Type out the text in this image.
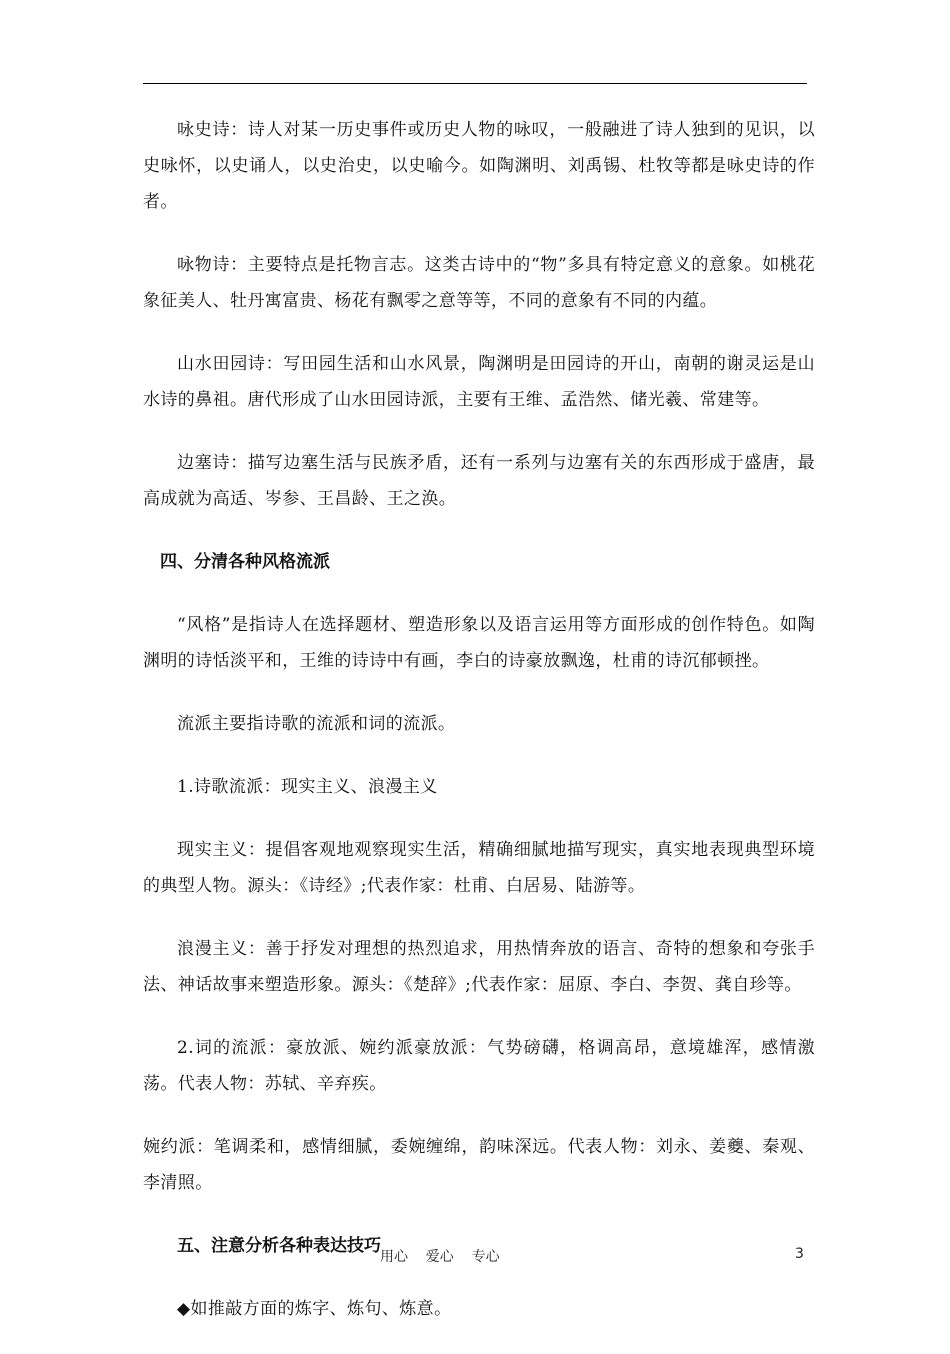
咏史诗：诗人对某一历史事件或历史人物的咏叹，一般融进了诗人独到的见识，以史咏怀，以史诵人，以史治史，以史喻今。如陶渊明、刘禹锡、杜牧等都是咏史诗的作者。

咏物诗：主要特点是托物言志。这类古诗中的“物”多具有特定意义的意象。如桃花象征美人、牡丹寓富贵、杨花有飘零之意等等，不同的意象有不同的内蕴。

山水田园诗：写田园生活和山水风景，陶渊明是田园诗的开山，南朝的谢灵运是山水诗的鼻祖。唐代形成了山水田园诗派，主要有王维、孟浩然、储光羲、常建等。

边塞诗：描写边塞生活与民族矛盾，还有一系列与边塞有关的东西形成于盛唐，最高成就为高适、岑参、王昌龄、王之涣。

四、分清各种风格流派

“风格”是指诗人在选择题材、塑造形象以及语言运用等方面形成的创作特色。如陶渊明的诗恬淡平和，王维的诗诗中有画，李白的诗豪放飘逸，杜甫的诗沉郁顿挫。

流派主要指诗歌的流派和词的流派。

1.诗歌流派：现实主义、浪漫主义

现实主义：提倡客观地观察现实生活，精确细腻地描写现实，真实地表现典型环境的典型人物。源头：《诗经》;代表作家：杜甫、白居易、陆游等。

浪漫主义：善于抒发对理想的热烈追求，用热情奔放的语言、奇特的想象和夸张手法、神话故事来塑造形象。源头：《楚辞》;代表作家：屈原、李白、李贺、龚自珍等。

2.词的流派：豪放派、婉约派豪放派：气势磅礴，格调高昂，意境雄浑，感情激荡。代表人物：苏轼、辛弃疾。

婉约派：笔调柔和，感情细腻，委婉缠绵，韵味深远。代表人物：刘永、姜夔、秦观、李清照。

五、注意分析各种表达技巧

◆如推敲方面的炼字、炼句、炼意。

用心    爱心    专心	3
